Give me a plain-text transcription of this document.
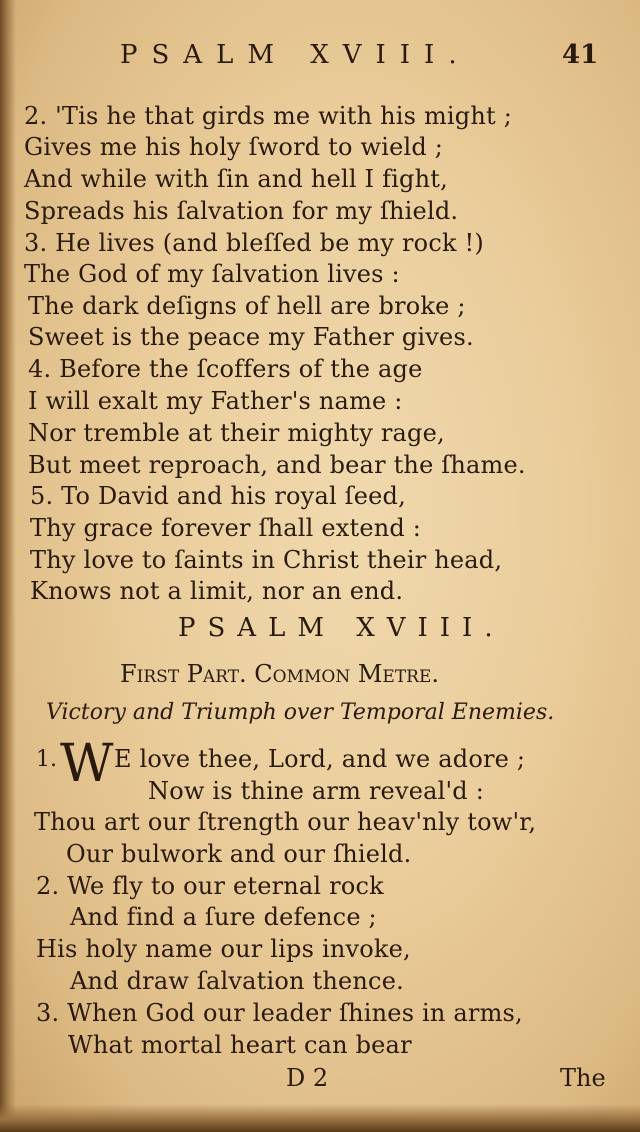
PSALM XVIII.	41
2. 'Tis he that girds me with his might ;
Gives me his holy ſword to wield ;
And while with ſin and hell I fight,
Spreads his ſalvation for my ſhield.
3. He lives (and bleſſed be my rock !)
The God of my ſalvation lives :
The dark deſigns of hell are broke ;
Sweet is the peace my Father gives.
4. Before the ſcoffers of the age
I will exalt my Father's name :
Nor tremble at their mighty rage,
But meet reproach, and bear the ſhame.
5. To David and his royal ſeed,
Thy grace forever ſhall extend :
Thy love to ſaints in Christ their head,
Knows not a limit, nor an end.
PSALM XVIII.
First Part. Common Metre.
Victory and Triumph over Temporal Enemies.
1. W E love thee, Lord, and we adore ;
Now is thine arm reveal'd :
Thou art our ſtrength our heav'nly tow'r,
Our bulwork and our ſhield.
2. We fly to our eternal rock
And find a ſure defence ;
His holy name our lips invoke,
And draw ſalvation thence.
3. When God our leader ſhines in arms,
What mortal heart can bear
D 2	The
